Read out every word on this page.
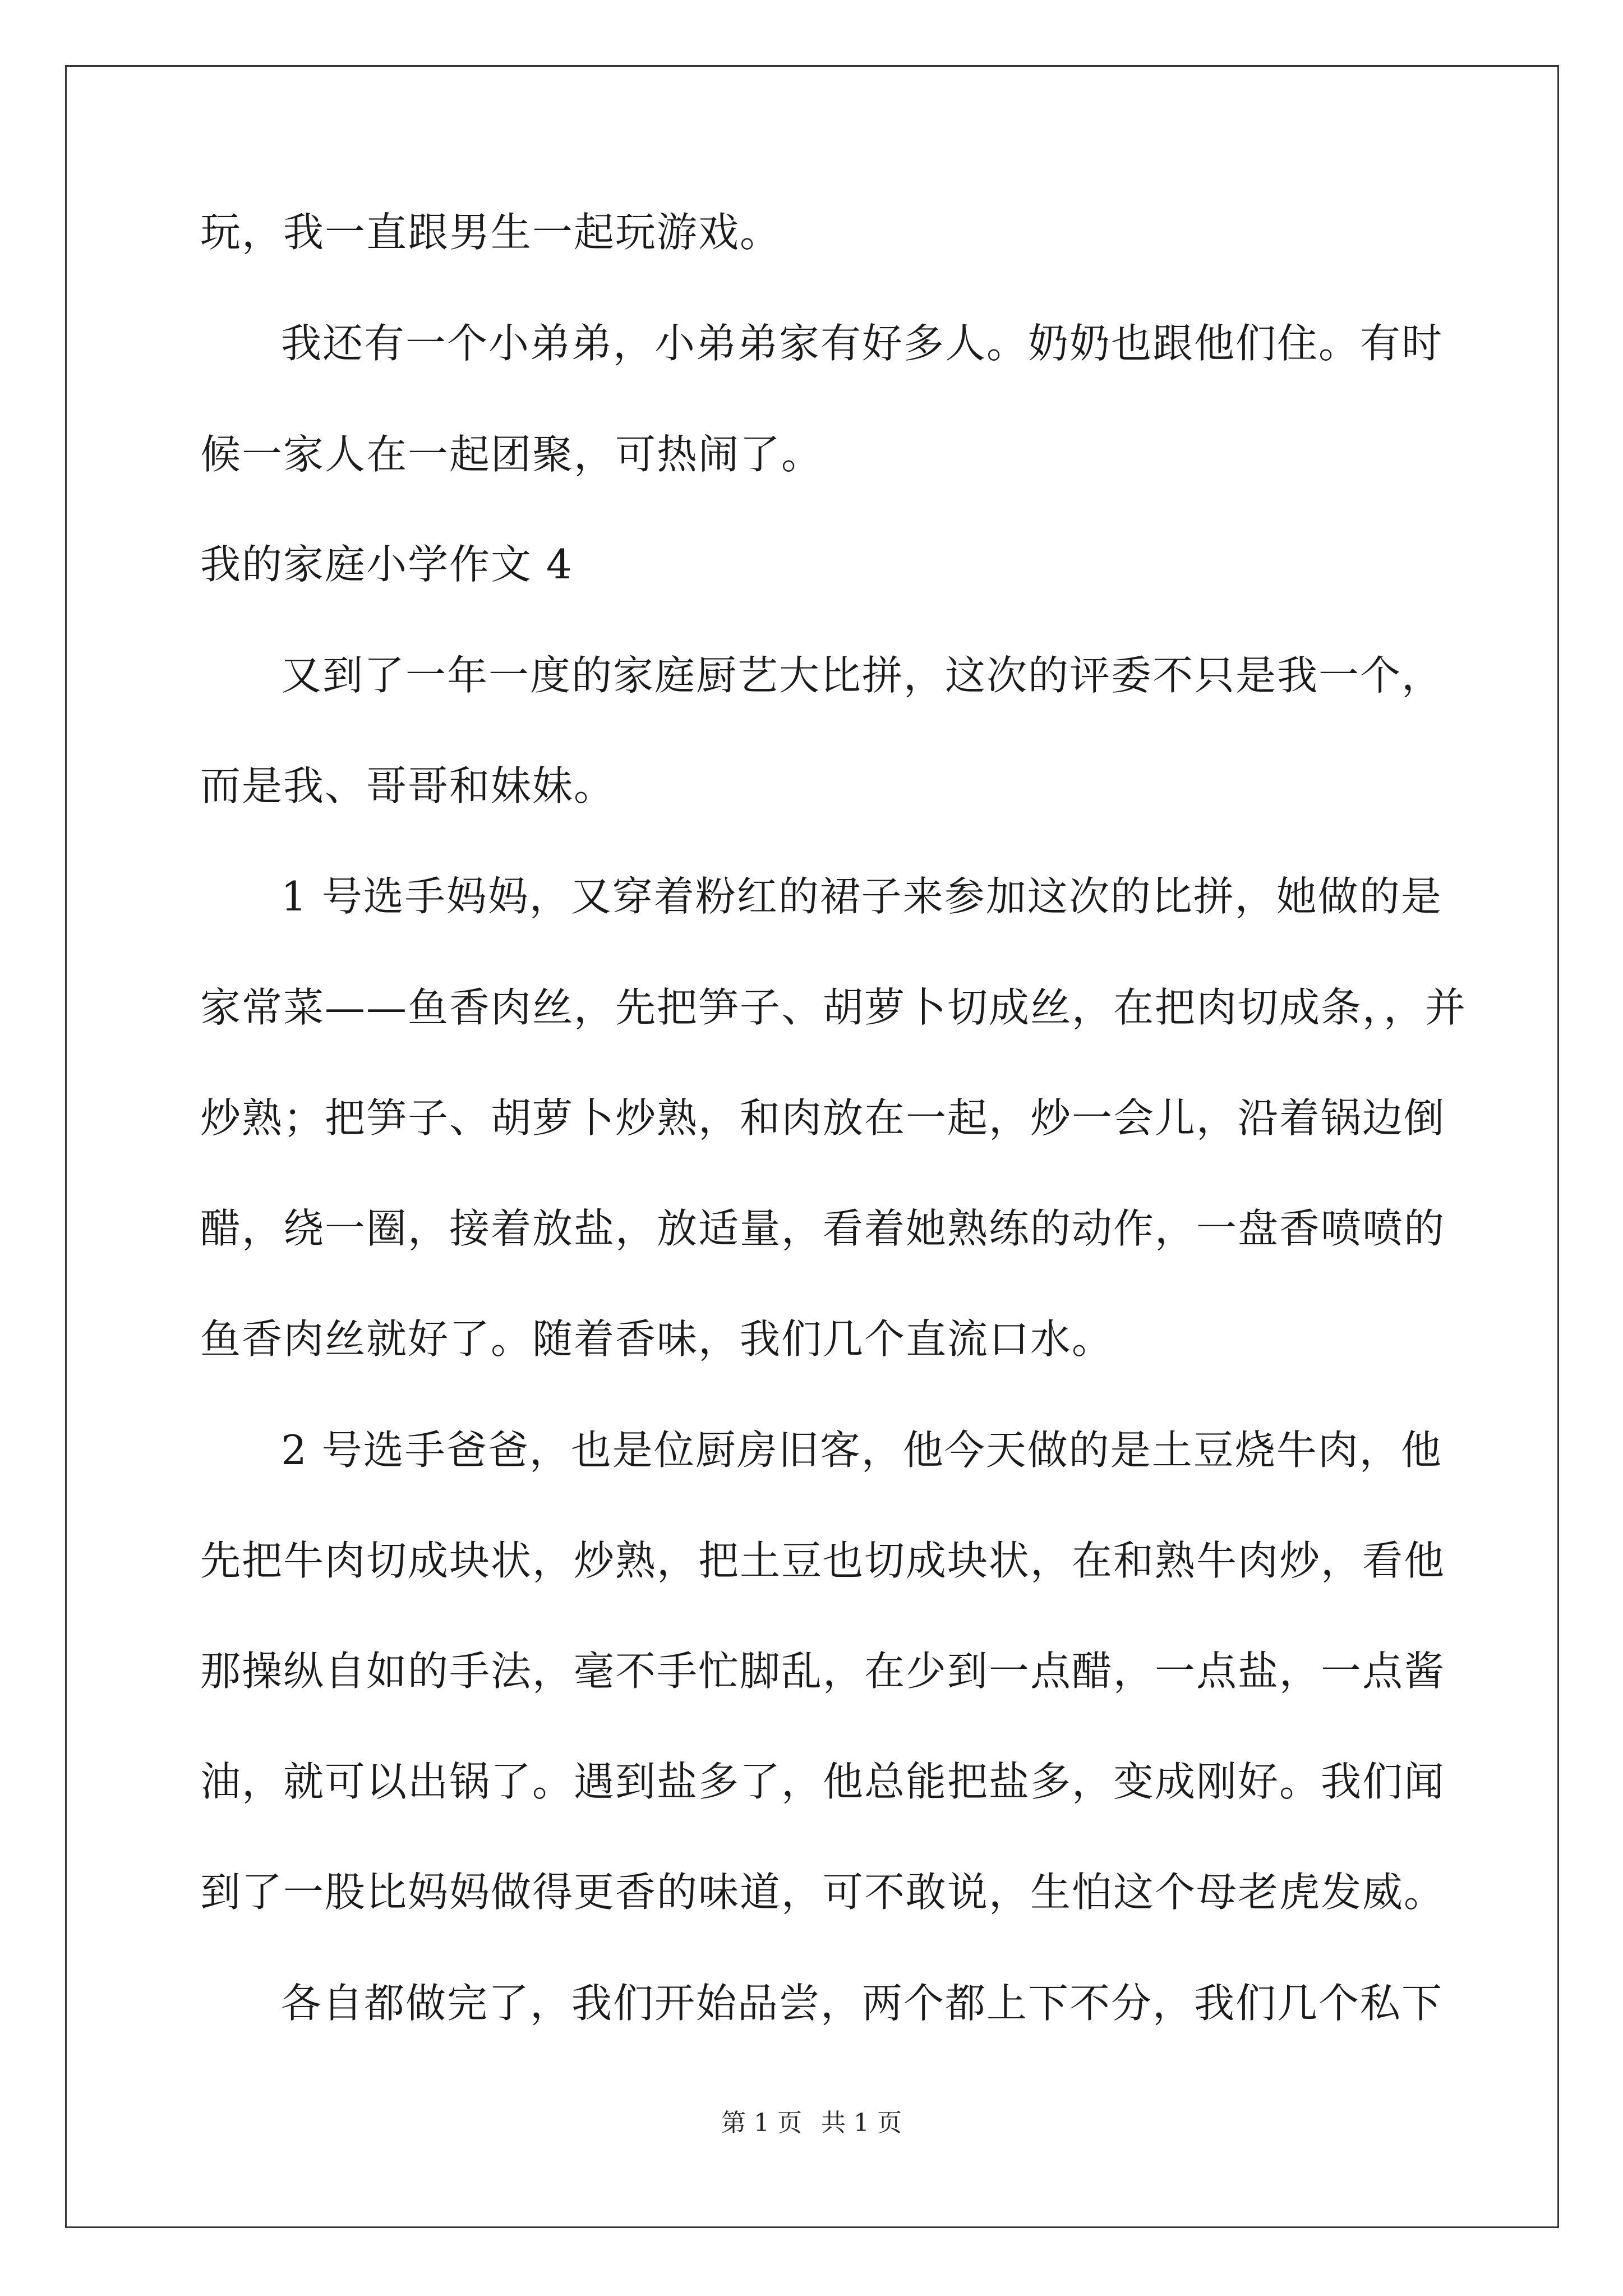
玩，我一直跟男生一起玩游戏。
我还有一个小弟弟，小弟弟家有好多人。奶奶也跟他们住。有时
候一家人在一起团聚，可热闹了。
我的家庭小学作文 4
又到了一年一度的家庭厨艺大比拼，这次的评委不只是我一个，
而是我、哥哥和妹妹。
1 号选手妈妈，又穿着粉红的裙子来参加这次的比拼，她做的是
家常菜——鱼香肉丝，先把笋子、胡萝卜切成丝，在把肉切成条，，并
炒熟；把笋子、胡萝卜炒熟，和肉放在一起，炒一会儿，沿着锅边倒
醋，绕一圈，接着放盐，放适量，看着她熟练的动作，一盘香喷喷的
鱼香肉丝就好了。随着香味，我们几个直流口水。
2 号选手爸爸，也是位厨房旧客，他今天做的是土豆烧牛肉，他
先把牛肉切成块状，炒熟，把土豆也切成块状，在和熟牛肉炒，看他
那操纵自如的手法，毫不手忙脚乱，在少到一点醋，一点盐，一点酱
油，就可以出锅了。遇到盐多了，他总能把盐多，变成刚好。我们闻
到了一股比妈妈做得更香的味道，可不敢说，生怕这个母老虎发威。
各自都做完了，我们开始品尝，两个都上下不分，我们几个私下
第 1 页 共 1 页
